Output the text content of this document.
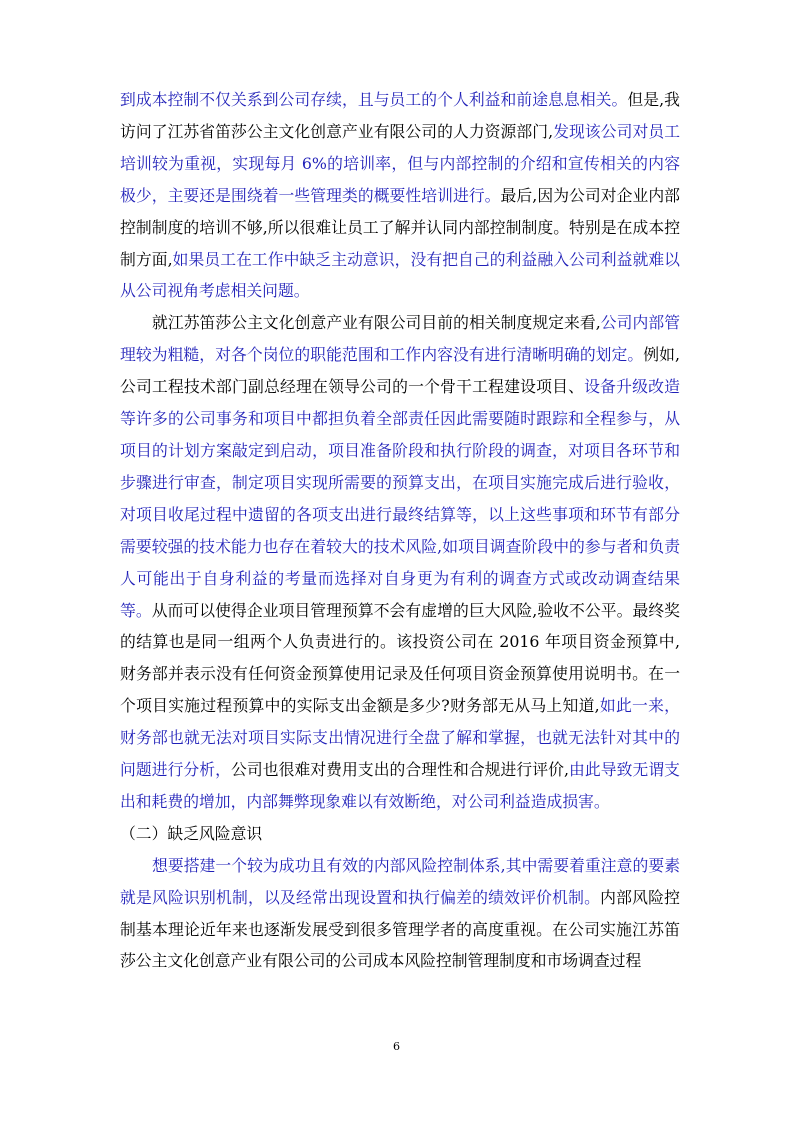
到成本控制不仅关系到公司存续，且与员工的个人利益和前途息息相关。但是,我访问了江苏省笛莎公主文化创意产业有限公司的人力资源部门,发现该公司对员工培训较为重视，实现每月 6%的培训率，但与内部控制的介绍和宣传相关的内容极少，主要还是围绕着一些管理类的概要性培训进行。最后,因为公司对企业内部控制制度的培训不够,所以很难让员工了解并认同内部控制制度。特别是在成本控制方面,如果员工在工作中缺乏主动意识，没有把自己的利益融入公司利益就难以从公司视角考虑相关问题。

就江苏笛莎公主文化创意产业有限公司目前的相关制度规定来看,公司内部管理较为粗糙，对各个岗位的职能范围和工作内容没有进行清晰明确的划定。例如,公司工程技术部门副总经理在领导公司的一个骨干工程建设项目、设备升级改造等许多的公司事务和项目中都担负着全部责任因此需要随时跟踪和全程参与，从项目的计划方案敲定到启动，项目准备阶段和执行阶段的调查，对项目各环节和步骤进行审查，制定项目实现所需要的预算支出，在项目实施完成后进行验收，对项目收尾过程中遗留的各项支出进行最终结算等，以上这些事项和环节有部分需要较强的技术能力也存在着较大的技术风险,如项目调查阶段中的参与者和负责人可能出于自身利益的考量而选择对自身更为有利的调查方式或改动调查结果等。从而可以使得企业项目管理预算不会有虚增的巨大风险,验收不公平。最终奖的结算也是同一组两个人负责进行的。该投资公司在 2016 年项目资金预算中,财务部并表示没有任何资金预算使用记录及任何项目资金预算使用说明书。在一个项目实施过程预算中的实际支出金额是多少?财务部无从马上知道,如此一来，财务部也就无法对项目实际支出情况进行全盘了解和掌握，也就无法针对其中的问题进行分析，公司也很难对费用支出的合理性和合规进行评价,由此导致无谓支出和耗费的增加，内部舞弊现象难以有效断绝，对公司利益造成损害。

（二）缺乏风险意识

想要搭建一个较为成功且有效的内部风险控制体系,其中需要着重注意的要素就是风险识别机制，以及经常出现设置和执行偏差的绩效评价机制。内部风险控制基本理论近年来也逐渐发展受到很多管理学者的高度重视。在公司实施江苏笛莎公主文化创意产业有限公司的公司成本风险控制管理制度和市场调查过程

6
